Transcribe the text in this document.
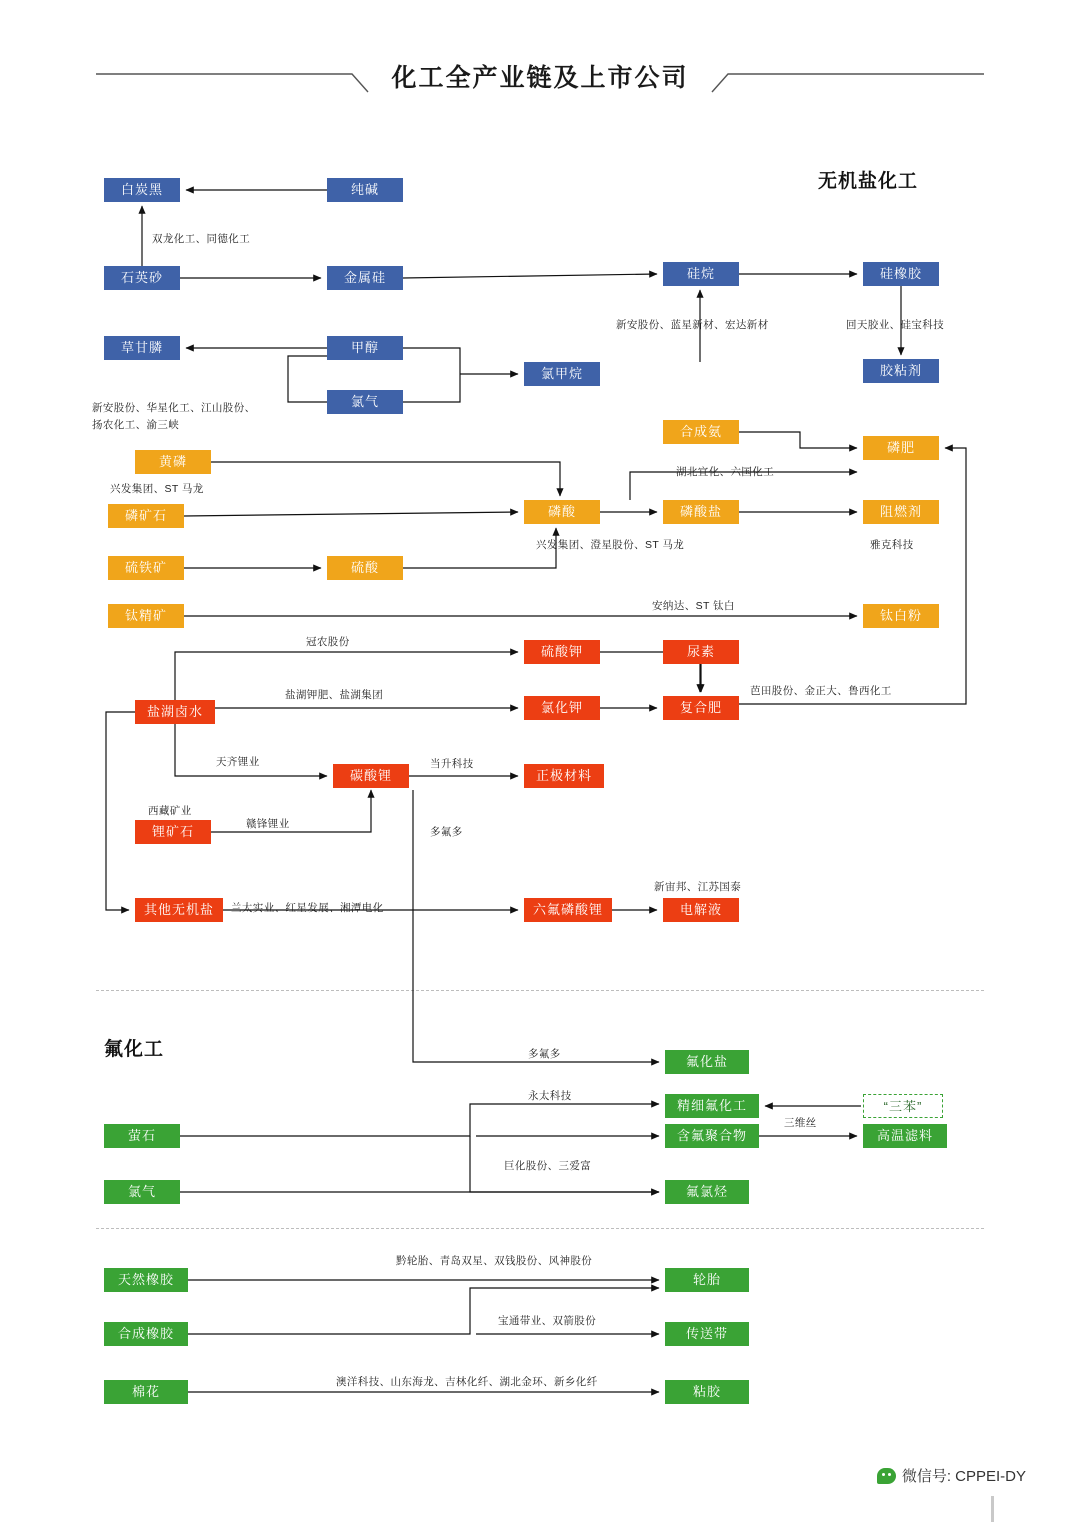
化工全产业链及上市公司
无机盐化工
氟化工
白炭黑	纯碱
石英砂	金属硅	硅烷	硅橡胶
胶粘剂
草甘膦	甲醇
氯气
氯甲烷
合成氨
磷肥
黄磷
磷酸	磷酸盐	阻燃剂
磷矿石
硫铁矿	硫酸
钛精矿	钛白粉
硫酸钾	尿素
氯化钾	复合肥
盐湖卤水
碳酸锂	正极材料
锂矿石
其他无机盐	六氟磷酸锂	电解液
氟化盐
精细氟化工	“三苯”
萤石	含氟聚合物	高温滤料
氯气	氟氯烃
天然橡胶	轮胎
合成橡胶	传送带
棉花	粘胶
双龙化工、同德化工
新安股份、蓝星新材、宏达新材	回天胶业、硅宝科技
新安股份、华星化工、江山股份、
扬农化工、渝三峡
兴发集团、ST 马龙
湖北宜化、六国化工
兴发集团、澄星股份、ST 马龙	雅克科技
安纳达、ST 钛白
冠农股份
盐湖钾肥、盐湖集团	芭田股份、金正大、鲁西化工
天齐锂业	当升科技
西藏矿业
赣锋锂业
多氟多
兰太实业、红星发展、湘潭电化
新宙邦、江苏国泰
多氟多
永太科技
三维丝
巨化股份、三爱富
黔轮胎、青岛双星、双钱股份、风神股份
宝通带业、双箭股份
澳洋科技、山东海龙、吉林化纤、湖北金环、新乡化纤
微信号: CPPEI-DY
